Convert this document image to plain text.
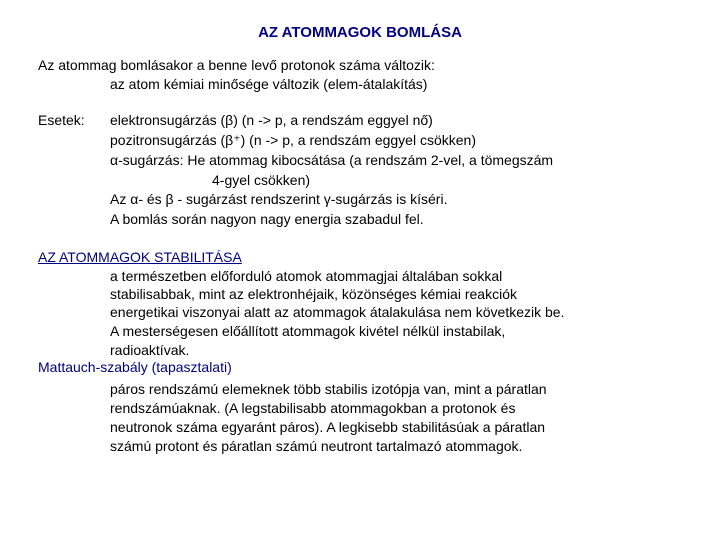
AZ ATOMMAGOK BOMLÁSA
Az atommag bomlásakor a benne levő protonok száma változik:
az atom kémiai minősége változik (elem-átalakítás)
Esetek: elektronsugárzás (β) (n -> p, a rendszám eggyel nő)
pozitronsugárzás (β⁺) (n -> p, a rendszám eggyel csökken)
α-sugárzás: He atommag kibocsátása (a rendszám 2-vel, a tömegszám
4-gyel csökken)
Az α- és β - sugárzást rendszerint γ-sugárzás is kíséri.
A bomlás során nagyon nagy energia szabadul fel.
AZ ATOMMAGOK STABILITÁSA
a természetben előforduló atomok atommagjai általában sokkal
stabilisabbak, mint az elektronhéjaik, közönséges kémiai reakciók
energetikai viszonyai alatt az atommagok átalakulása nem következik be.
A mesterségesen előállított atommagok kivétel nélkül instabilak,
radioaktívak.
Mattauch-szabály (tapasztalati)
páros rendszámú elemeknek több stabilis izotópja van, mint a páratlan
rendszámúaknak. (A legstabilisabb atommagokban a protonok és
neutronok száma egyaránt páros). A legkisebb stabilitásúak a páratlan
számú protont és páratlan számú neutront tartalmazó atommagok.
